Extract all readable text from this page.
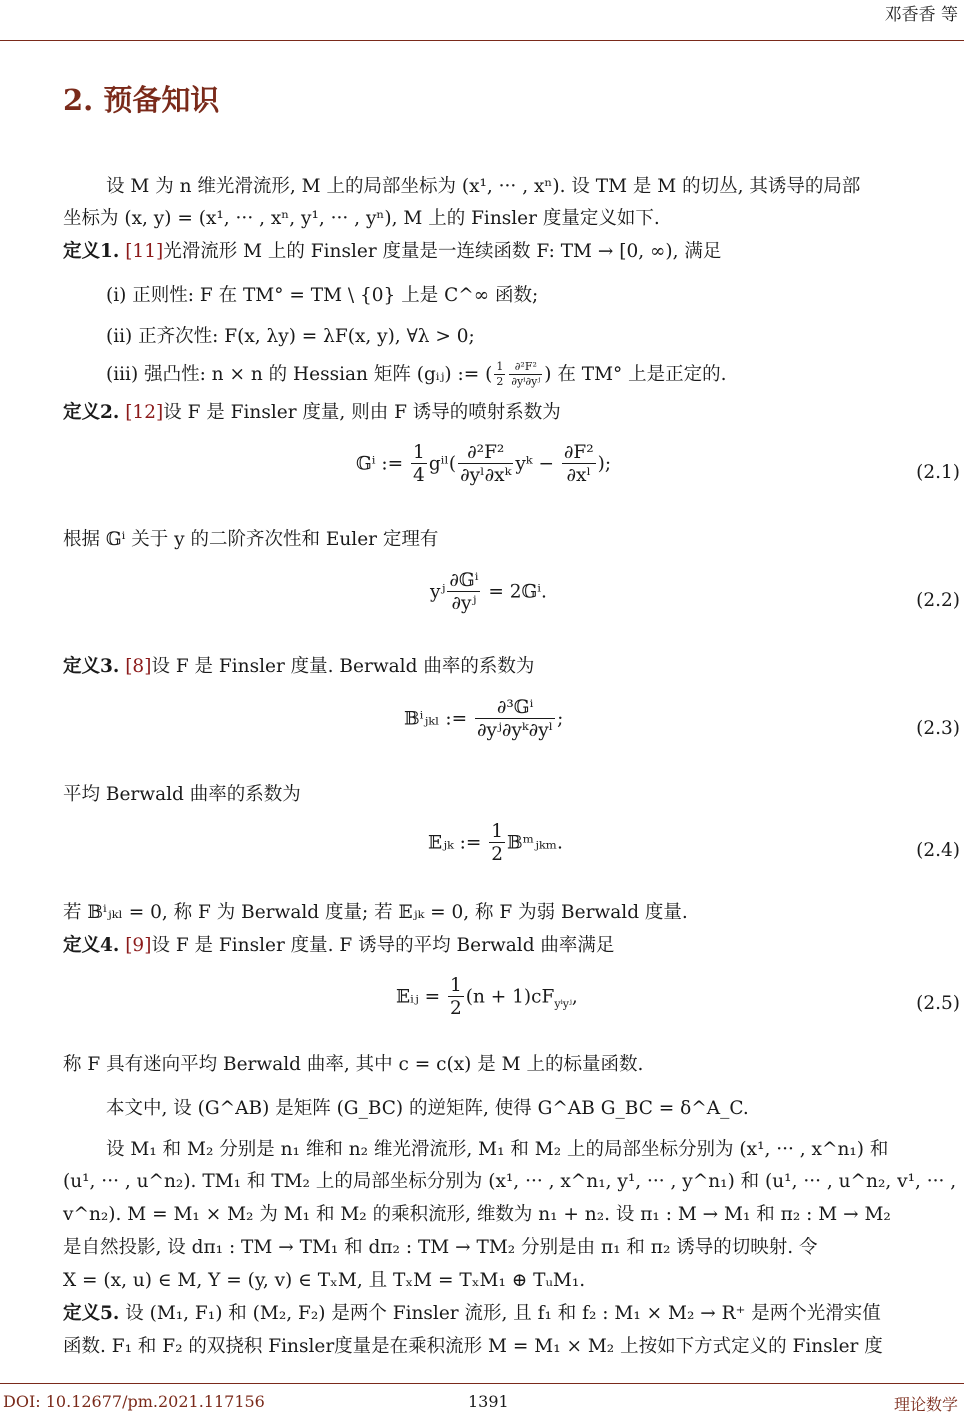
邓香香 等
2. 预备知识
设 M 为 n 维光滑流形, M 上的局部坐标为 (x¹, ··· , xⁿ). 设 TM 是 M 的切丛, 其诱导的局部
坐标为 (x, y) = (x¹, ··· , xⁿ, y¹, ··· , yⁿ), M 上的 Finsler 度量定义如下.
定义1. [11]光滑流形 M 上的 Finsler 度量是一连续函数 F: TM → [0, ∞), 满足
(i) 正则性: F 在 TM° = TM \ {0} 上是 C^∞ 函数;
(ii) 正齐次性: F(x, λy) = λF(x, y), ∀λ > 0;
(iii) 强凸性: n × n 的 Hessian 矩阵 (gᵢⱼ) := ( $\frac{1}{2} \frac{\text{∂²F²}}{\text{∂yⁱ∂yʲ}}$ ) 在 TM° 上是正定的.
定义2. [12]设 F 是 Finsler 度量, 则由 F 诱导的喷射系数为
𝔾ⁱ := $\frac{1}{4}$ gⁱˡ( $\frac{\text{∂²F²}}{\text{∂yˡ∂xᵏ}}$ yᵏ − $\frac{\text{∂F²}}{\text{∂xˡ}}$ );	(2.1)
根据 𝔾ⁱ 关于 y 的二阶齐次性和 Euler 定理有
yʲ $\frac{\text{∂𝔾ⁱ}}{\text{∂yʲ}}$ = 2𝔾ⁱ.	(2.2)
定义3. [8]设 F 是 Finsler 度量. Berwald 曲率的系数为
𝔹ⁱⱼₖₗ := $\frac{\text{∂³𝔾ⁱ}}{\text{∂yʲ∂yᵏ∂yˡ}}$ ;	(2.3)
平均 Berwald 曲率的系数为
𝔼ⱼₖ := $\frac{1}{2}$ 𝔹ᵐⱼₖₘ.	(2.4)
若 𝔹ⁱⱼₖₗ = 0, 称 F 为 Berwald 度量; 若 𝔼ⱼₖ = 0, 称 F 为弱 Berwald 度量.
定义4. [9]设 F 是 Finsler 度量. F 诱导的平均 Berwald 曲率满足
𝔼ᵢⱼ = $\frac{1}{2} (n + 1)cF_{y^iyʲ}$,	(2.5)
称 F 具有迷向平均 Berwald 曲率, 其中 c = c(x) 是 M 上的标量函数.
本文中, 设 (G^AB) 是矩阵 (G_BC) 的逆矩阵, 使得 G^AB G_BC = δ^A_C.
设 M₁ 和 M₂ 分别是 n₁ 维和 n₂ 维光滑流形, M₁ 和 M₂ 上的局部坐标分别为 (x¹, ··· , x^n₁) 和
(u¹, ··· , u^n₂). TM₁ 和 TM₂ 上的局部坐标分别为 (x¹, ··· , x^n₁, y¹, ··· , y^n₁) 和 (u¹, ··· , u^n₂, v¹, ··· ,
v^n₂). M = M₁ × M₂ 为 M₁ 和 M₂ 的乘积流形, 维数为 n₁ + n₂. 设 π₁ : M → M₁ 和 π₂ : M → M₂
是自然投影, 设 dπ₁ : TM → TM₁ 和 dπ₂ : TM → TM₂ 分别是由 π₁ 和 π₂ 诱导的切映射. 令
X = (x, u) ∈ M, Y = (y, v) ∈ TₓM, 且 TₓM = TₓM₁ ⊕ TᵤM₁.
定义5. 设 (M₁, F₁) 和 (M₂, F₂) 是两个 Finsler 流形, 且 f₁ 和 f₂ : M₁ × M₂ → R⁺ 是两个光滑实值
函数. F₁ 和 F₂ 的双挠积 Finsler度量是在乘积流形 M = M₁ × M₂ 上按如下方式定义的 Finsler 度
DOI: 10.12677/pm.2021.117156	1391	理论数学
